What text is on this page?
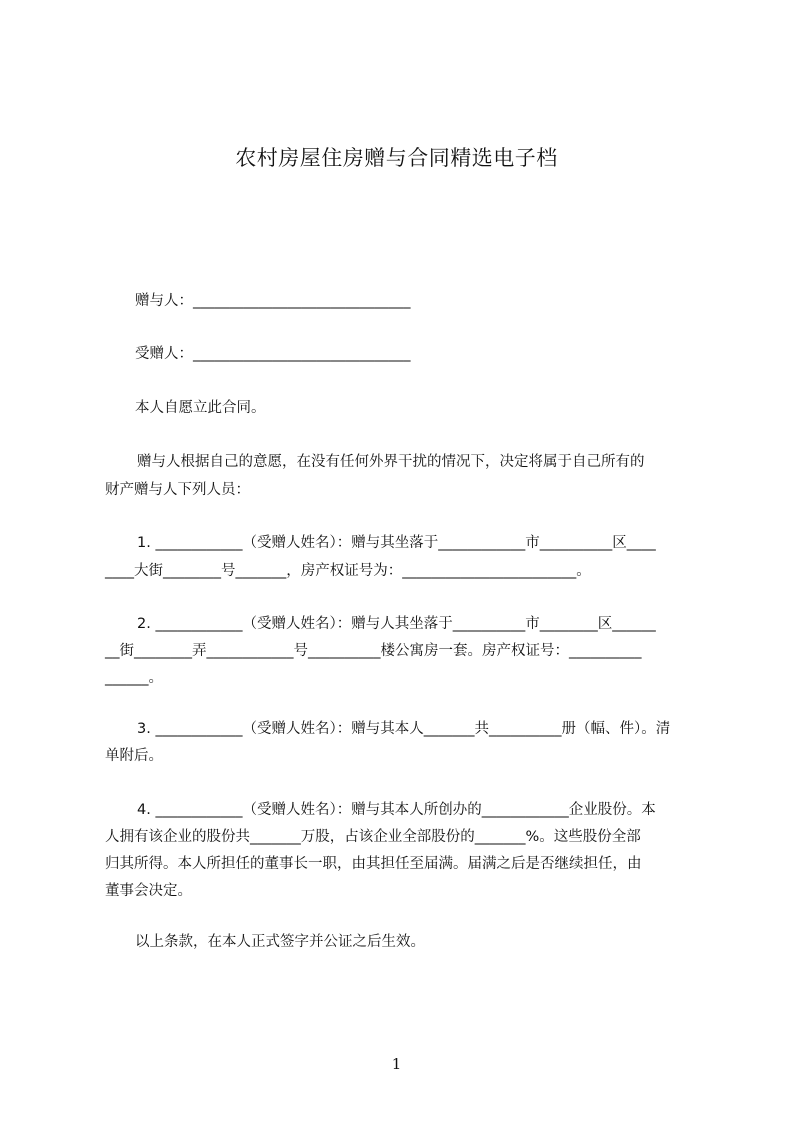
农村房屋住房赠与合同精选电子档
赠与人：______________________________
受赠人：______________________________
本人自愿立此合同。
赠与人根据自己的意愿，在没有任何外界干扰的情况下，决定将属于自己所有的
财产赠与人下列人员：
1. ____________（受赠人姓名）：赠与其坐落于____________市__________区____
____大街________号_______，房产权证号为：________________________。
2. ____________（受赠人姓名）：赠与人其坐落于__________市________区______
__街________弄____________号__________楼公寓房一套。房产权证号：__________
______。
3. ____________（受赠人姓名）：赠与其本人_______共__________册（幅、件）。清
单附后。
4. ____________（受赠人姓名）：赠与其本人所创办的____________企业股份。本
人拥有该企业的股份共_______万股，占该企业全部股份的_______%。这些股份全部
归其所得。本人所担任的董事长一职，由其担任至届满。届满之后是否继续担任，由
董事会决定。
以上条款，在本人正式签字并公证之后生效。
1
